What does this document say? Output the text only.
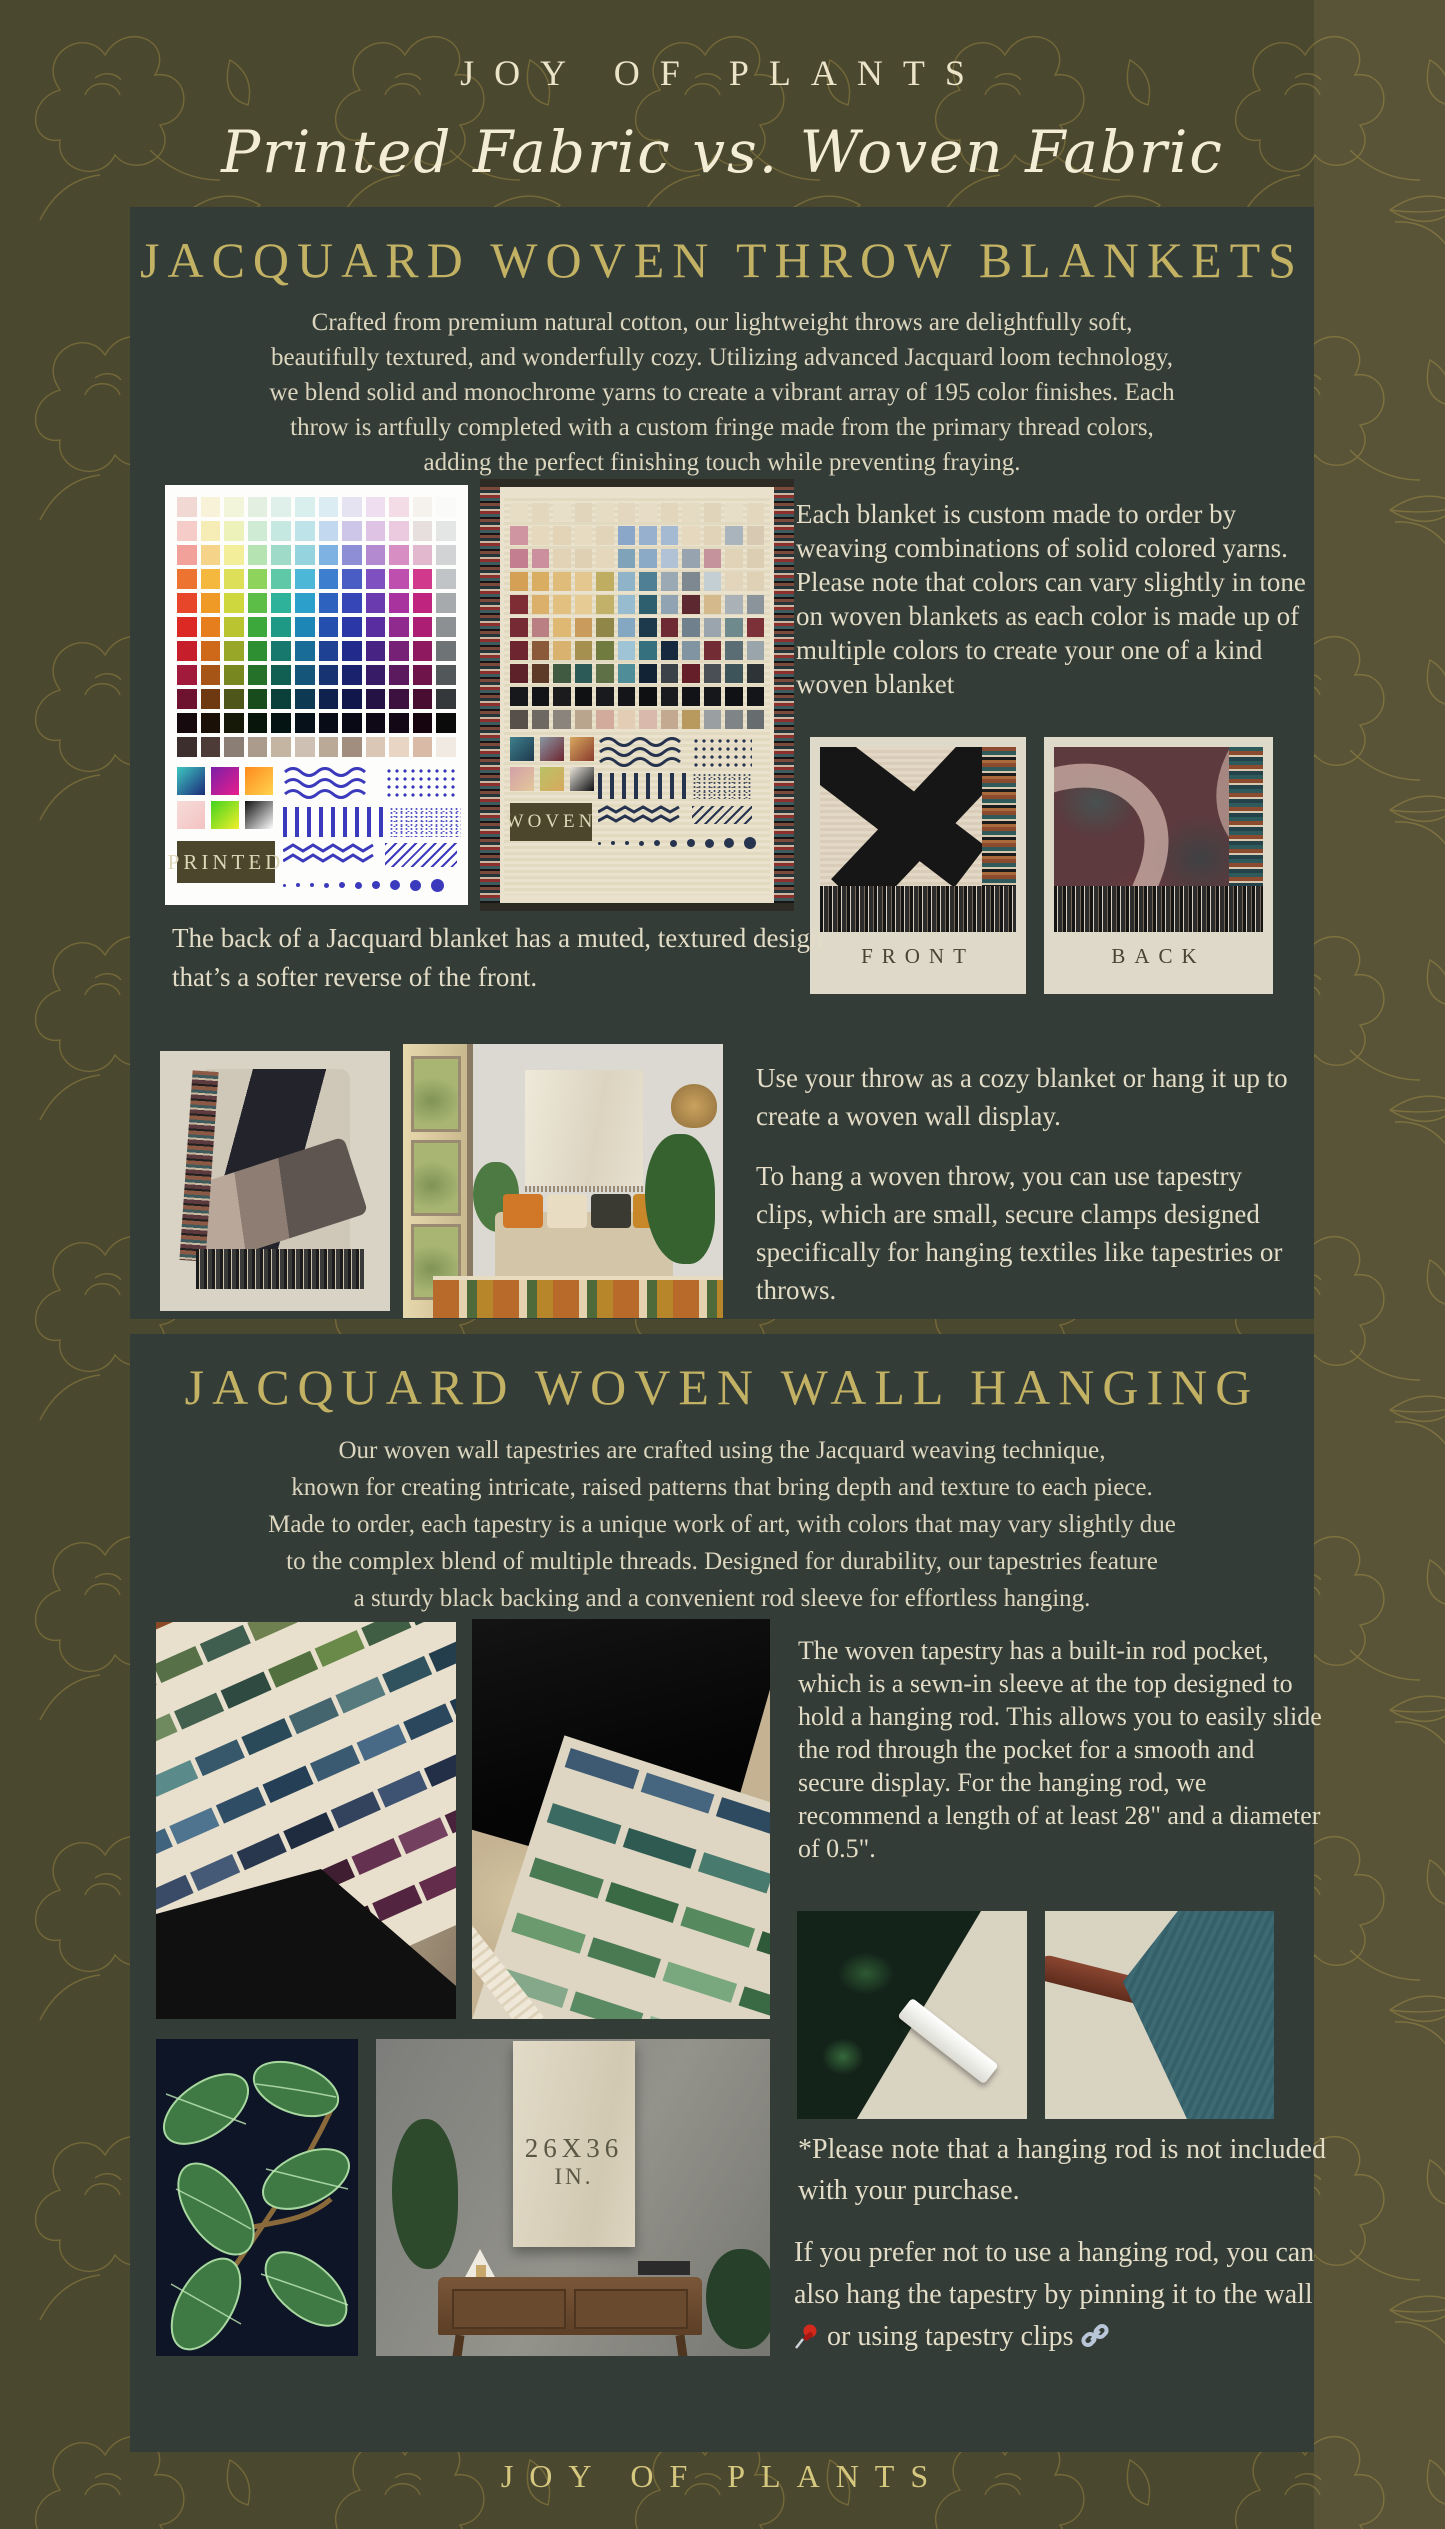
JOY OF PLANTS
Printed Fabric vs. Woven Fabric
JACQUARD WOVEN THROW BLANKETS
Crafted from premium natural cotton, our lightweight throws are delightfully soft,
beautifully textured, and wonderfully cozy. Utilizing advanced Jacquard loom technology,
we blend solid and monochrome yarns to create a vibrant array of 195 color finishes. Each
throw is artfully completed with a custom fringe made from the primary thread colors,
adding the perfect finishing touch while preventing fraying.
PRINTED
WOVEN
Each blanket is custom made to order by weaving combinations of solid colored yarns. Please note that colors can vary slightly in tone on woven blankets as each color is made up of multiple colors to create your one of a kind woven blanket
FRONT	BACK
The back of a Jacquard blanket has a muted, textured design that’s a softer reverse of the front.

Use your throw as a cozy blanket or hang it up to create a woven wall display.

To hang a woven throw, you can use tapestry clips, which are small, secure clamps designed specifically for hanging textiles like tapestries or throws.

JACQUARD WOVEN WALL HANGING
Our woven wall tapestries are crafted using the Jacquard weaving technique,
known for creating intricate, raised patterns that bring depth and texture to each piece.
Made to order, each tapestry is a unique work of art, with colors that may vary slightly due
to the complex blend of multiple threads. Designed for durability, our tapestries feature
a sturdy black backing and a convenient rod sleeve for effortless hanging.
The woven tapestry has a built-in rod pocket, which is a sewn-in sleeve at the top designed to hold a hanging rod. This allows you to easily slide the rod through the pocket for a smooth and secure display. For the hanging rod, we recommend a length of at least 28" and a diameter of 0.5".
26X36
IN.
*Please note that a hanging rod is not included with your purchase.
If you prefer not to use a hanging rod, you can also hang the tapestry by pinning it to the wall  or using tapestry clips
JOY OF PLANTS
